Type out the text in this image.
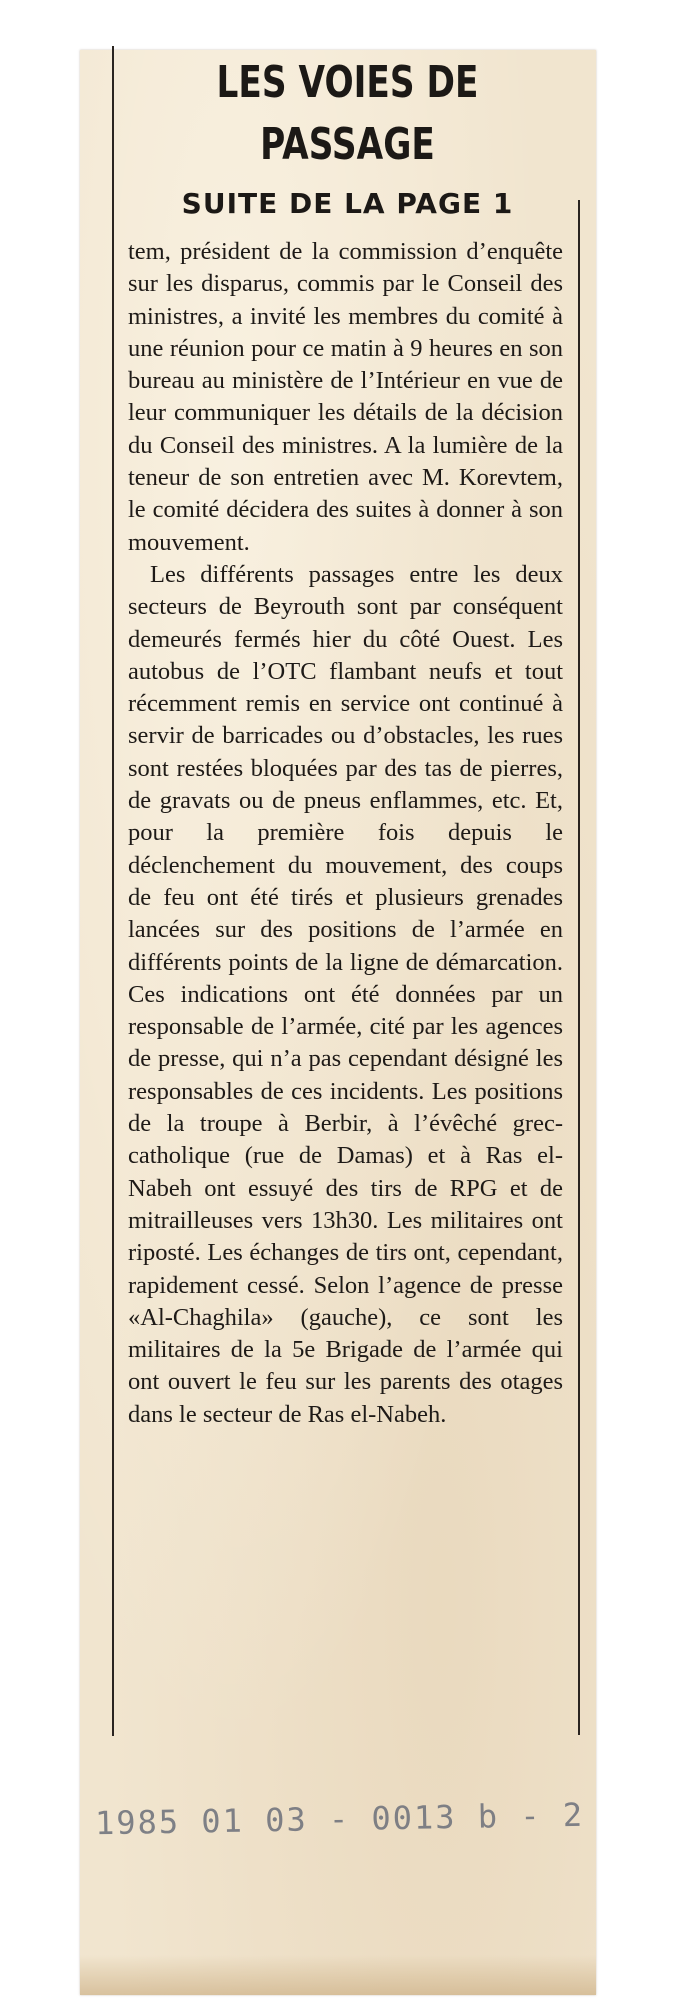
LES VOIES DE
PASSAGE
SUITE DE LA PAGE 1

tem, président de la commission d’enquête sur les disparus, commis par le Conseil des ministres, a invité les membres du comité à une réunion pour ce matin à 9 heures en son bureau au ministère de l’Intérieur en vue de leur communiquer les détails de la décision du Conseil des ministres. A la lumière de la teneur de son entretien avec M. Korevtem, le comité décidera des suites à donner à son mouvement.

Les différents passages entre les deux secteurs de Beyrouth sont par conséquent demeurés fermés hier du côté Ouest. Les autobus de l’OTC flambant neufs et tout récemment remis en service ont continué à servir de barricades ou d’obstacles, les rues sont restées bloquées par des tas de pierres, de gravats ou de pneus enflammes, etc. Et, pour la première fois depuis le déclenchement du mouvement, des coups de feu ont été tirés et plusieurs grenades lancées sur des positions de l’armée en différents points de la ligne de démarcation. Ces indications ont été données par un responsable de l’armée, cité par les agences de presse, qui n’a pas cependant désigné les responsables de ces incidents. Les positions de la troupe à Berbir, à l’évêché grec-catholique (rue de Damas) et à Ras el-Nabeh ont essuyé des tirs de RPG et de mitrailleuses vers 13h30. Les militaires ont riposté. Les échanges de tirs ont, cependant, rapidement cessé. Selon l’agence de presse «Al-Chaghila» (gauche), ce sont les militaires de la 5e Brigade de l’armée qui ont ouvert le feu sur les parents des otages dans le secteur de Ras el-Nabeh.

1985 01 03 - 0013 b - 2
